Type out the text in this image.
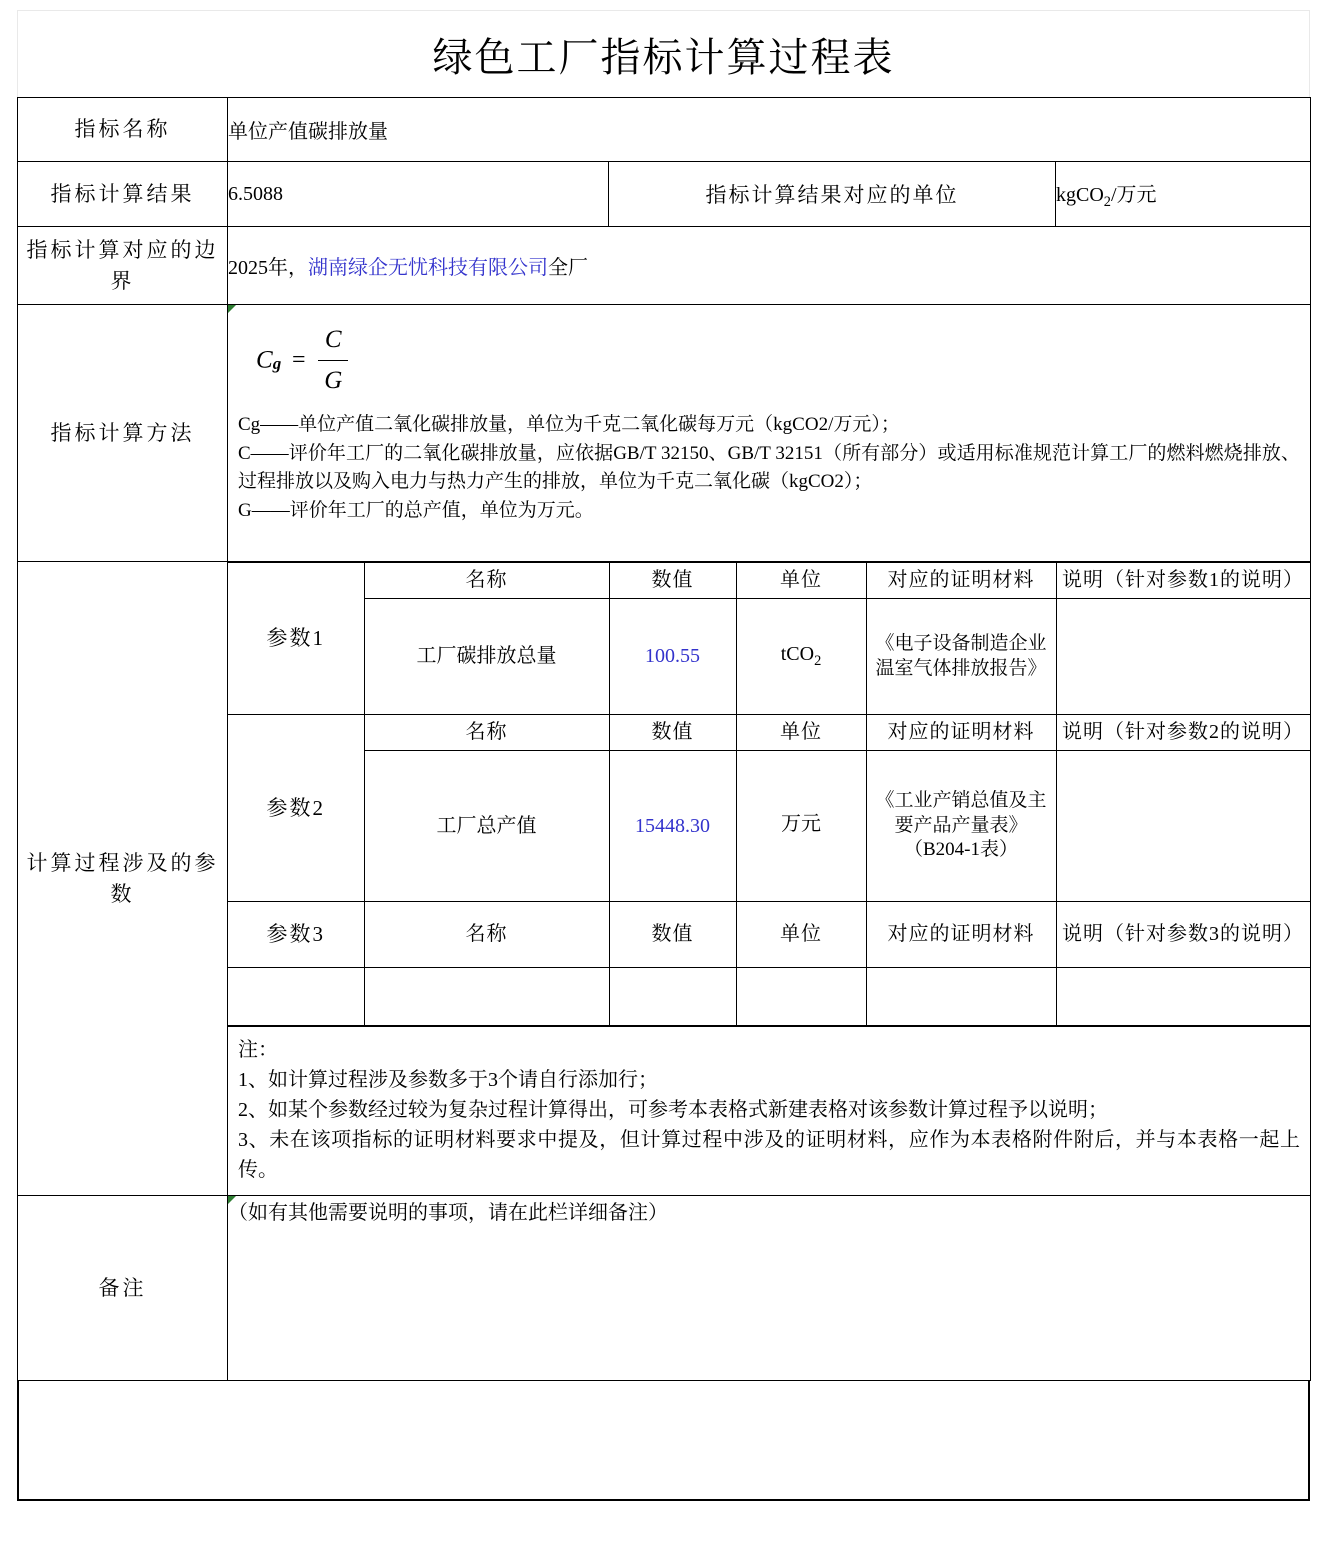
绿色工厂指标计算过程表
指标名称	单位产值碳排放量
指标计算结果	6.5088	指标计算结果对应的单位	kgCO$_2$/万元
指标计算对应的边界	2025年，湖南绿企无忧科技有限公司全厂
指标计算方法	
$Cg = \frac{C}{G}$

Cg——单位产值二氧化碳排放量，单位为千克二氧化碳每万元（kgCO2/万元）；

C——评价年工厂的二氧化碳排放量，应依据GB/T 32150、GB/T 32151（所有部分）或适用标准规范计算工厂的燃料燃烧排放、过程排放以及购入电力与热力产生的排放，单位为千克二氧化碳（kgCO2）；

G——评价年工厂的总产值，单位为万元。

计算过程涉及的参数	
参数1	名称	数值	单位	对应的证明材料	说明（针对参数1的说明）
工厂碳排放总量	100.55	tCO$_2$	《电子设备制造企业温室气体排放报告》	
参数2	名称	数值	单位	对应的证明材料	说明（针对参数2的说明）
工厂总产值	15448.30	万元	《工业产销总值及主要产品产量表》（B204-1表）	
参数3	名称	数值	单位	对应的证明材料	说明（针对参数3的说明）

注：

1、如计算过程涉及参数多于3个请自行添加行；

2、如某个参数经过较为复杂过程计算得出，可参考本表格式新建表格对该参数计算过程予以说明；

3、未在该项指标的证明材料要求中提及，但计算过程中涉及的证明材料，应作为本表格附件附后，并与本表格一起上传。

备注	
（如有其他需要说明的事项，请在此栏详细备注）
